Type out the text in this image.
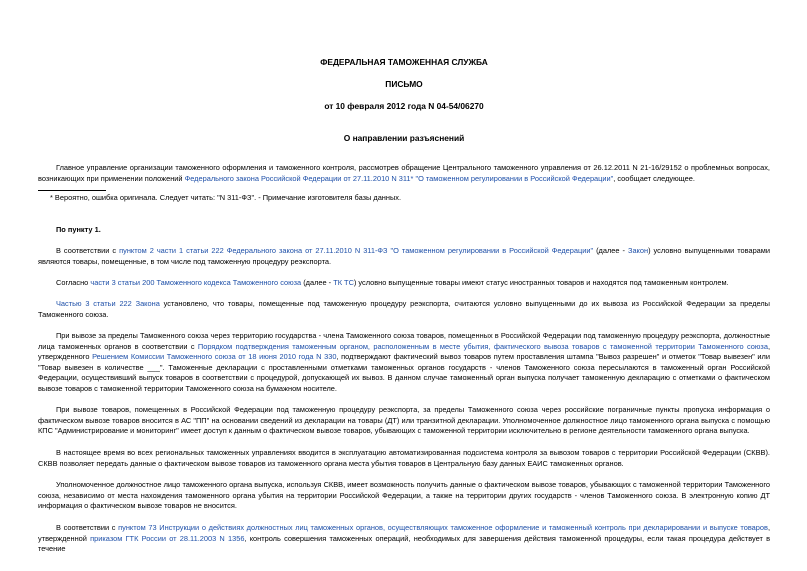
ФЕДЕРАЛЬНАЯ ТАМОЖЕННАЯ СЛУЖБА
ПИСЬМО
от 10 февраля 2012 года N 04-54/06270
О направлении разъяснений

Главное управление организации таможенного оформления и таможенного контроля, рассмотрев обращение Центрального таможенного управления от 26.12.2011 N 21-16/29152 о проблемных вопросах, возникающих при применении положений Федерального закона Российской Федерации от 27.11.2010 N 311* "О таможенном регулировании в Российской Федерации", сообщает следующее.

* Вероятно, ошибка оригинала. Следует читать: "N 311-ФЗ". - Примечание изготовителя базы данных.

По пункту 1.

В соответствии с пунктом 2 части 1 статьи 222 Федерального закона от 27.11.2010 N 311-ФЗ "О таможенном регулировании в Российской Федерации" (далее - Закон) условно выпущенными товарами являются товары, помещенные, в том числе под таможенную процедуру реэкспорта.

Согласно части 3 статьи 200 Таможенного кодекса Таможенного союза (далее - ТК ТС) условно выпущенные товары имеют статус иностранных товаров и находятся под таможенным контролем.

Частью 3 статьи 222 Закона установлено, что товары, помещенные под таможенную процедуру реэкспорта, считаются условно выпущенными до их вывоза из Российской Федерации за пределы Таможенного союза.

При вывозе за пределы Таможенного союза через территорию государства - члена Таможенного союза товаров, помещенных в Российской Федерации под таможенную процедуру реэкспорта, должностные лица таможенных органов в соответствии с Порядком подтверждения таможенным органом, расположенным в месте убытия, фактического вывоза товаров с таможенной территории Таможенного союза, утвержденного Решением Комиссии Таможенного союза от 18 июня 2010 года N 330, подтверждают фактический вывоз товаров путем проставления штампа "Вывоз разрешен" и отметок "Товар вывезен" или "Товар вывезен в количестве ___". Таможенные декларации с проставленными отметками таможенных органов государств - членов Таможенного союза пересылаются в таможенный орган Российской Федерации, осуществивший выпуск товаров в соответствии с процедурой, допускающей их вывоз. В данном случае таможенный орган выпуска получает таможенную декларацию с отметками о фактическом вывозе товаров с таможенной территории Таможенного союза на бумажном носителе.

При вывозе товаров, помещенных в Российской Федерации под таможенную процедуру реэкспорта, за пределы Таможенного союза через российские пограничные пункты пропуска информация о фактическом вывозе товаров вносится в АС "ПП" на основании сведений из декларации на товары (ДТ) или транзитной декларации. Уполномоченное должностное лицо таможенного органа выпуска с помощью КПС "Администрирование и мониторинг" имеет доступ к данным о фактическом вывозе товаров, убывающих с таможенной территории исключительно в регионе деятельности таможенного органа выпуска.

В настоящее время во всех региональных таможенных управлениях вводится в эксплуатацию автоматизированная подсистема контроля за вывозом товаров с территории Российской Федерации (СКВВ). СКВВ позволяет передать данные о фактическом вывозе товаров из таможенного органа места убытия товаров в Центральную базу данных ЕАИС таможенных органов.

Уполномоченное должностное лицо таможенного органа выпуска, используя СКВВ, имеет возможность получить данные о фактическом вывозе товаров, убывающих с таможенной территории Таможенного союза, независимо от места нахождения таможенного органа убытия на территории Российской Федерации, а также на территории других государств - членов Таможенного союза. В электронную копию ДТ информация о фактическом вывозе товаров не вносится.

В соответствии с пунктом 73 Инструкции о действиях должностных лиц таможенных органов, осуществляющих таможенное оформление и таможенный контроль при декларировании и выпуске товаров, утвержденной приказом ГТК России от 28.11.2003 N 1356, контроль совершения таможенных операций, необходимых для завершения действия таможенной процедуры, если такая процедура действует в течение
